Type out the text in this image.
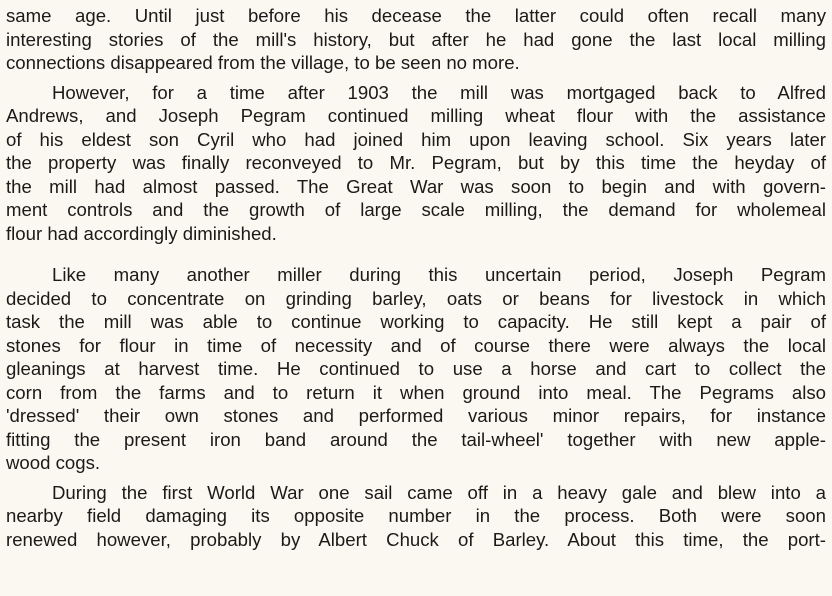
same age. Until just before his decease the latter could often recall many
interesting stories of the mill's history, but after he had gone the last local milling
connections disappeared from the village, to be seen no more.
However, for a time after 1903 the mill was mortgaged back to Alfred
Andrews, and Joseph Pegram continued milling wheat flour with the assistance
of his eldest son Cyril who had joined him upon leaving school. Six years later
the property was finally reconveyed to Mr. Pegram, but by this time the heyday of
the mill had almost passed. The Great War was soon to begin and with govern-
ment controls and the growth of large scale milling, the demand for wholemeal
flour had accordingly diminished.
Like many another miller during this uncertain period, Joseph Pegram
decided to concentrate on grinding barley, oats or beans for livestock in which
task the mill was able to continue working to capacity. He still kept a pair of
stones for flour in time of necessity and of course there were always the local
gleanings at harvest time. He continued to use a horse and cart to collect the
corn from the farms and to return it when ground into meal. The Pegrams also
'dressed' their own stones and performed various minor repairs, for instance
fitting the present iron band around the tail-wheel' together with new apple-
wood cogs.
During the first World War one sail came off in a heavy gale and blew into a
nearby field damaging its opposite number in the process. Both were soon
renewed however, probably by Albert Chuck of Barley. About this time, the port-
